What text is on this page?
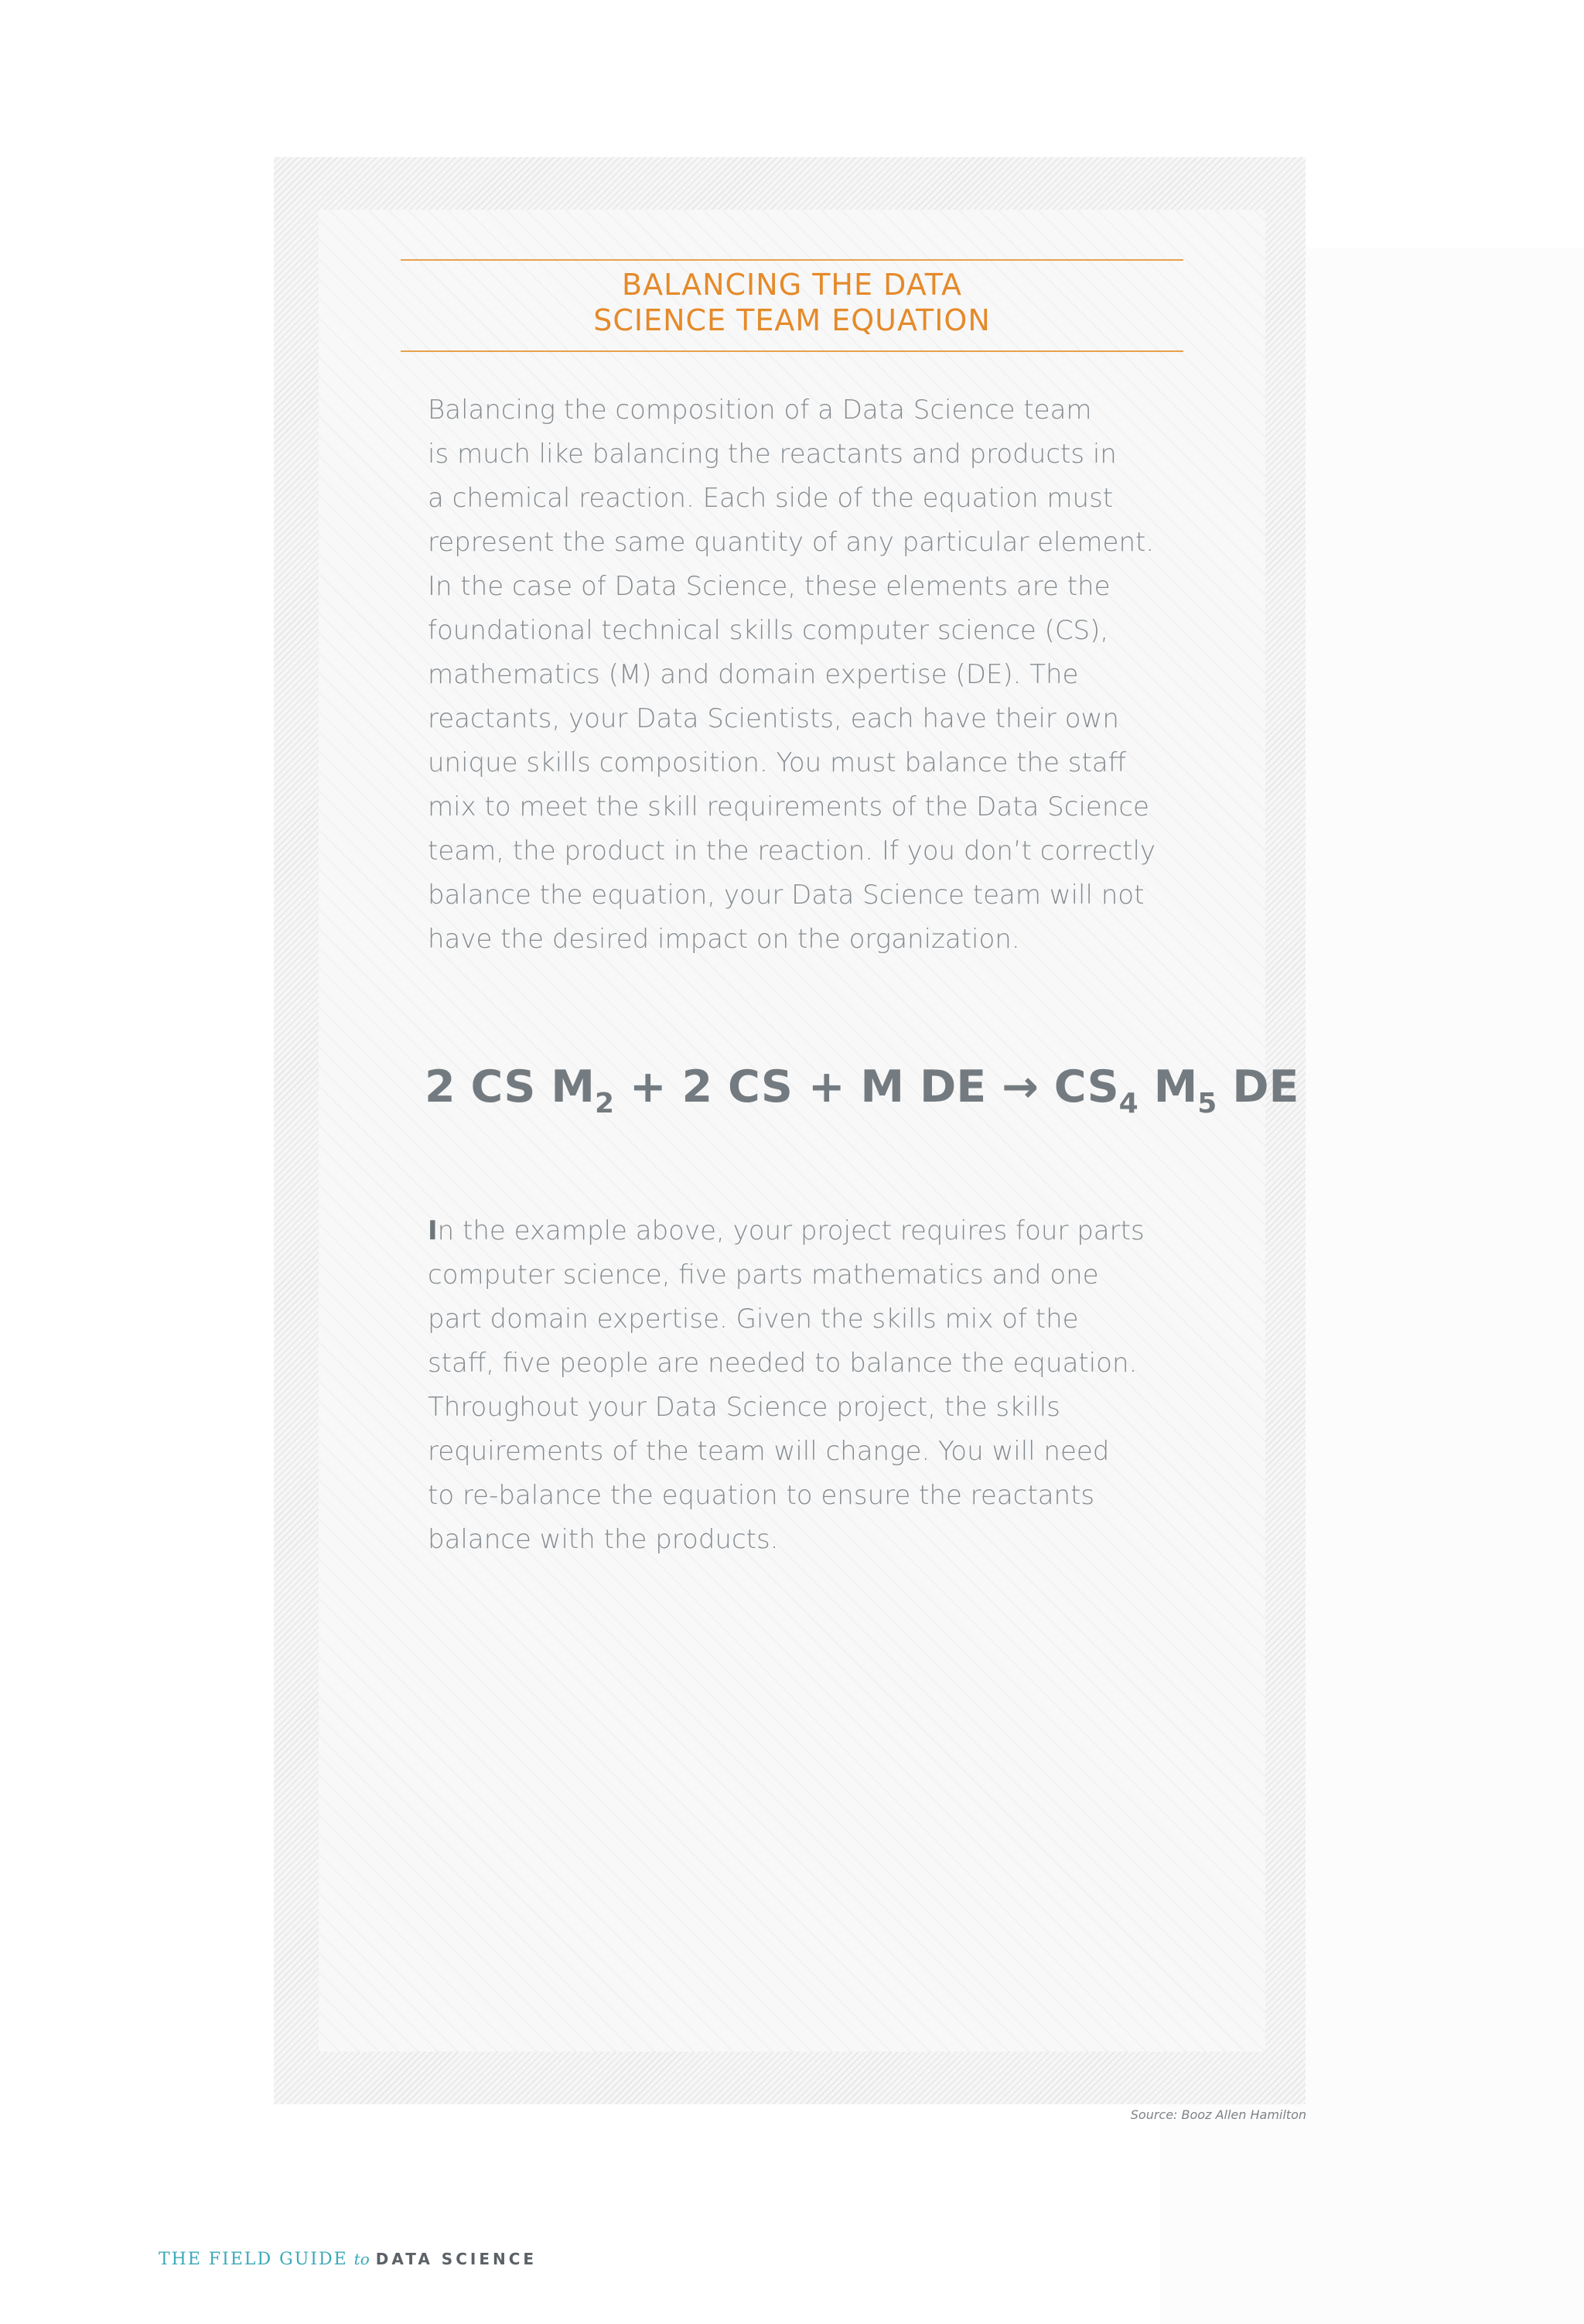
BALANCING THE DATA
SCIENCE TEAM EQUATION
Balancing the composition of a Data Science team
is much like balancing the reactants and products in
a chemical reaction. Each side of the equation must
represent the same quantity of any particular element.
In the case of Data Science, these elements are the
foundational technical skills computer science (CS),
mathematics (M) and domain expertise (DE). The
reactants, your Data Scientists, each have their own
unique skills composition. You must balance the staff
mix to meet the skill requirements of the Data Science
team, the product in the reaction. If you don’t correctly
balance the equation, your Data Science team will not
have the desired impact on the organization.
2 CS $M_2 + 2$ CS + M DE → $CS_4$ $M_5$ DE
In the example above, your project requires four parts
computer science, five parts mathematics and one
part domain expertise. Given the skills mix of the
staff, five people are needed to balance the equation.
Throughout your Data Science project, the skills
requirements of the team will change. You will need
to re-balance the equation to ensure the reactants
balance with the products.
Source: Booz Allen Hamilton
THE FIELD GUIDE to DATA SCIENCE
